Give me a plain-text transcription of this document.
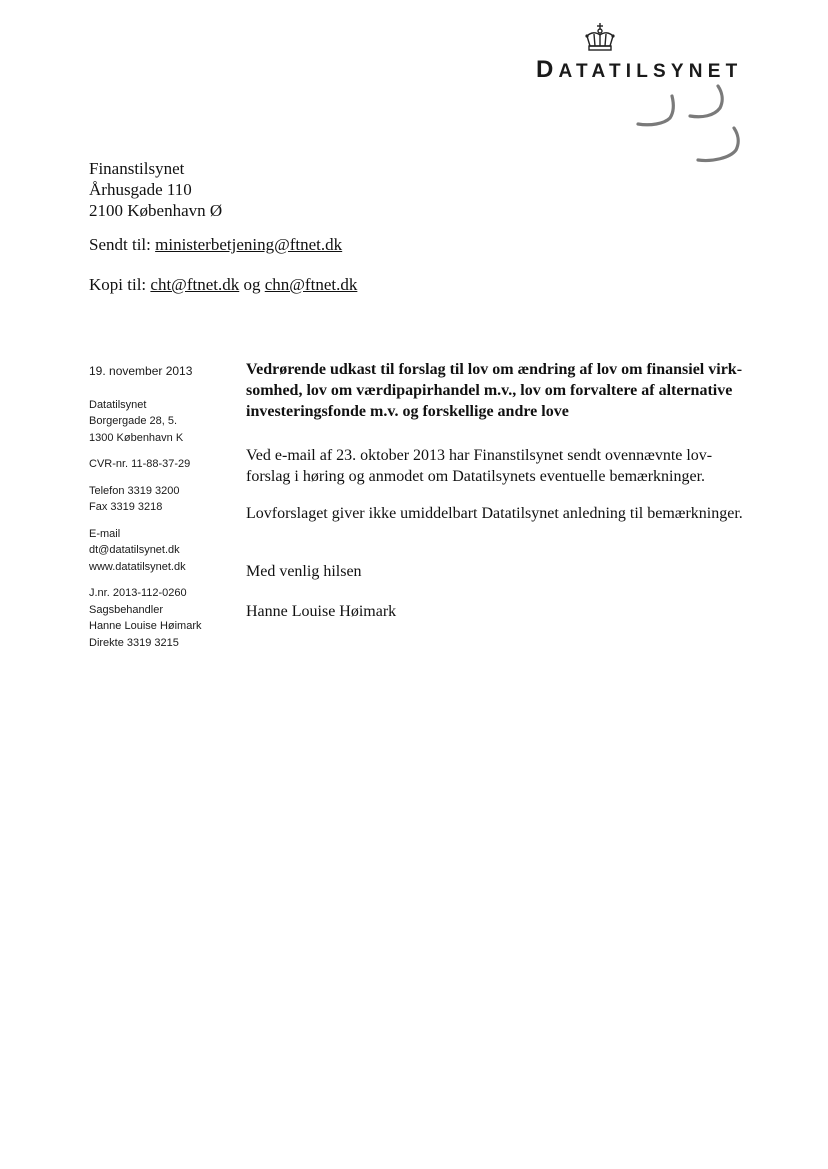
DATATILSYNET
Finanstilsynet
Århusgade 110
2100 København Ø
Sendt til: ministerbetjening@ftnet.dk
Kopi til: cht@ftnet.dk og chn@ftnet.dk
19. november 2013
Datatilsynet
Borgergade 28, 5.
1300 København K
CVR-nr. 11-88-37-29
Telefon 3319 3200
Fax 3319 3218
E-mail
dt@datatilsynet.dk
www.datatilsynet.dk
J.nr. 2013-112-0260
Sagsbehandler
Hanne Louise Høimark
Direkte 3319 3215
Vedrørende udkast til forslag til lov om ændring af lov om finansiel virk-
somhed, lov om værdipapirhandel m.v., lov om forvaltere af alternative
investeringsfonde m.v. og forskellige andre love
Ved e-mail af 23. oktober 2013 har Finanstilsynet sendt ovennævnte lov-
forslag i høring og anmodet om Datatilsynets eventuelle bemærkninger.
Lovforslaget giver ikke umiddelbart Datatilsynet anledning til bemærkninger.
Med venlig hilsen
Hanne Louise Høimark
